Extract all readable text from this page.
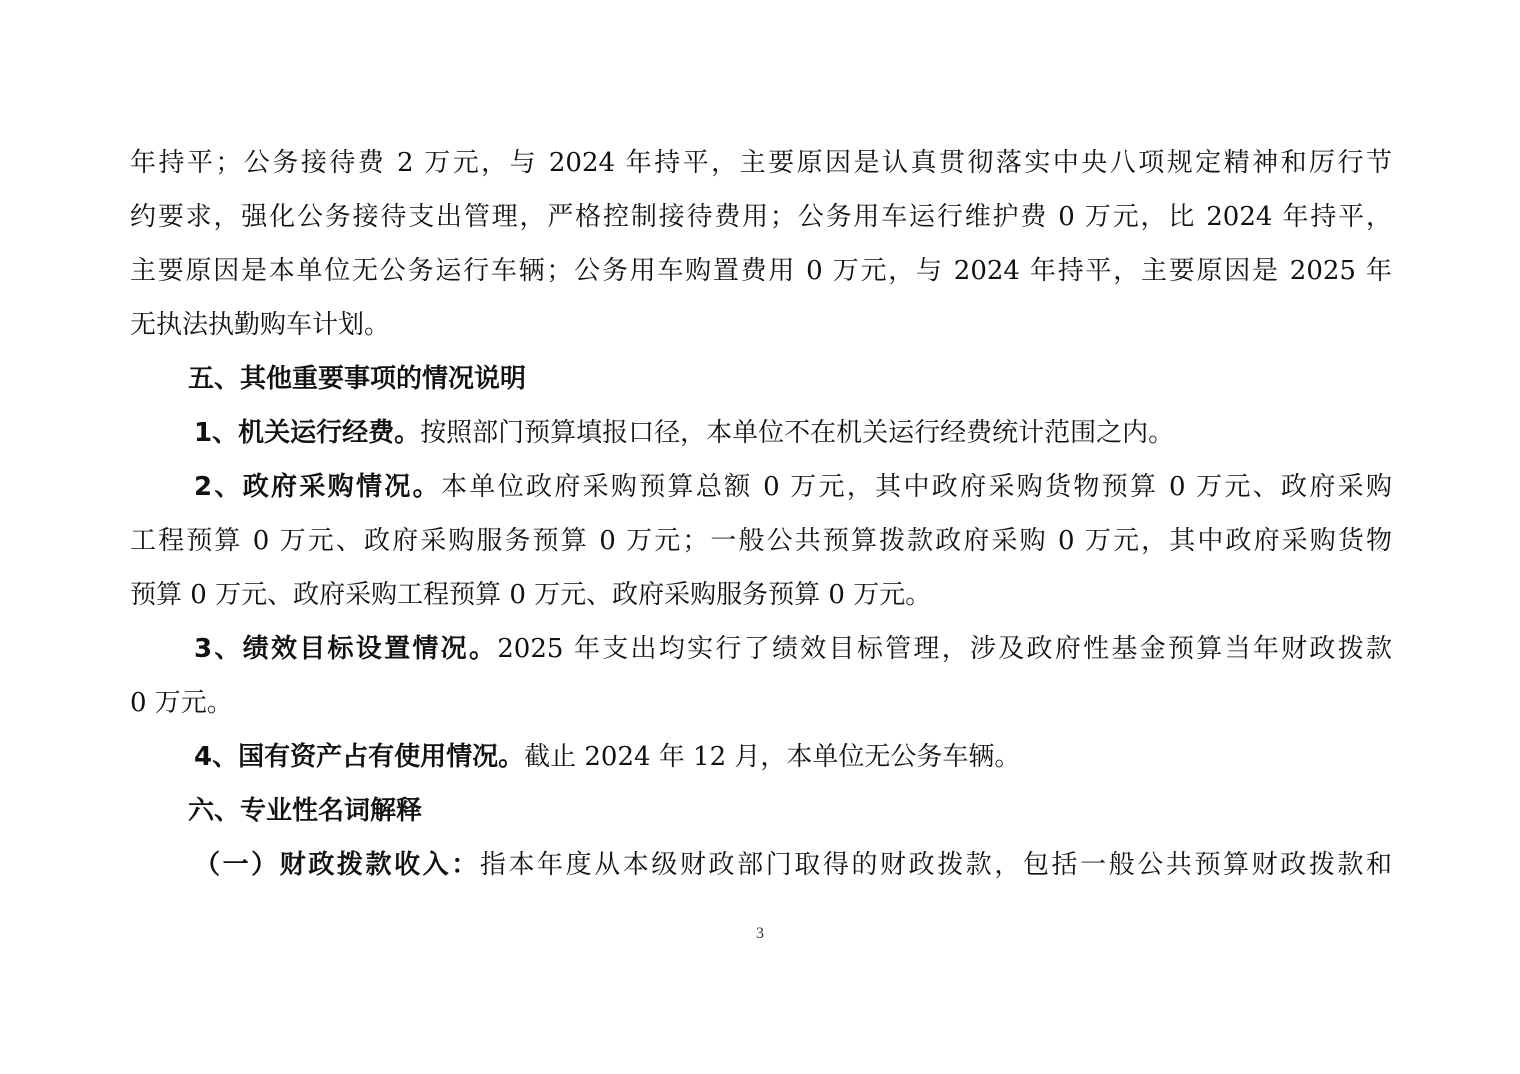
年持平；公务接待费 2 万元，与 2024 年持平，主要原因是认真贯彻落实中央八项规定精神和厉行节
约要求，强化公务接待支出管理，严格控制接待费用；公务用车运行维护费 0 万元，比 2024 年持平，
主要原因是本单位无公务运行车辆；公务用车购置费用 0 万元，与 2024 年持平，主要原因是 2025 年
无执法执勤购车计划。
五、其他重要事项的情况说明
1、机关运行经费。按照部门预算填报口径，本单位不在机关运行经费统计范围之内。
2、政府采购情况。本单位政府采购预算总额 0 万元，其中政府采购货物预算 0 万元、政府采购
工程预算 0 万元、政府采购服务预算 0 万元；一般公共预算拨款政府采购 0 万元，其中政府采购货物
预算 0 万元、政府采购工程预算 0 万元、政府采购服务预算 0 万元。
3、绩效目标设置情况。2025 年支出均实行了绩效目标管理，涉及政府性基金预算当年财政拨款
0 万元。
4、国有资产占有使用情况。截止 2024 年 12 月，本单位无公务车辆。
六、专业性名词解释
（一）财政拨款收入：指本年度从本级财政部门取得的财政拨款，包括一般公共预算财政拨款和
3
